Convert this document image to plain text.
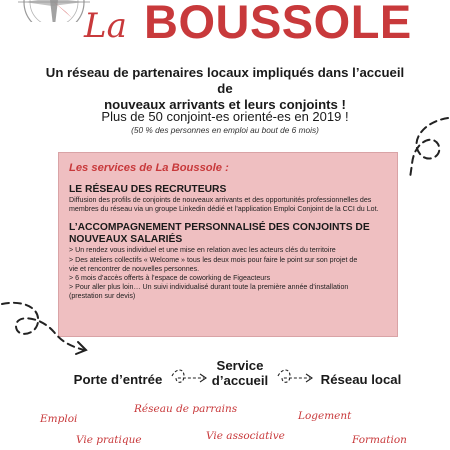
La BOUSSOLE
Un réseau de partenaires locaux impliqués dans l’accueil de
nouveaux arrivants et leurs conjoints !
Plus de 50 conjoint-es orienté-es en 2019 !
(50 % des personnes en emploi au bout de 6 mois)
Les services de La Boussole :
LE RÉSEAU DES RECRUTEURS
Diffusion des profils de conjoints de nouveaux arrivants et des opportunités professionnelles des
membres du réseau via un groupe Linkedin dédié et l’application Emploi Conjoint de la CCI du Lot.
L’ACCOMPAGNEMENT PERSONNALISÉ DES CONJOINTS DE
NOUVEAUX SALARIÉS
> Un rendez vous individuel et une mise en relation avec les acteurs clés du territoire
> Des ateliers collectifs « Welcome » tous les deux mois pour faire le point sur son projet de
vie et rencontrer de nouvelles personnes.
> 6 mois d’accès offerts à l’espace de coworking de Figeacteurs
> Pour aller plus loin… Un suivi individualisé durant toute la première année d’installation
(prestation sur devis)
Porte d’entrée
Service
d’accueil	Réseau local
Emploi
Réseau de parrains
Logement
Vie pratique	Vie associative	Formation
